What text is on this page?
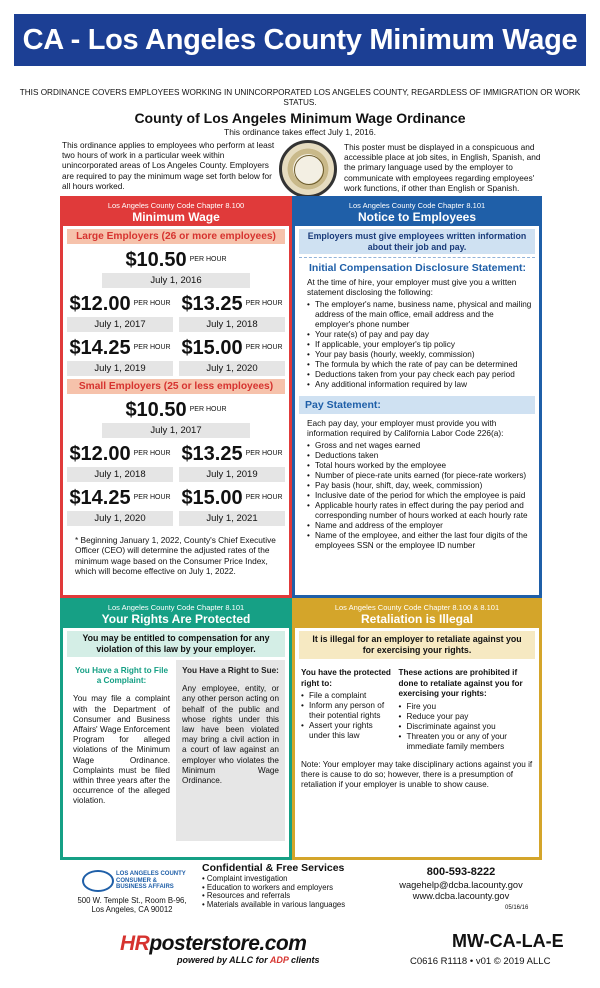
CA - Los Angeles County Minimum Wage
THIS ORDINANCE COVERS EMPLOYEES WORKING IN UNINCORPORATED LOS ANGELES COUNTY, REGARDLESS OF IMMIGRATION OR WORK STATUS.
County of Los Angeles Minimum Wage Ordinance
This ordinance takes effect July 1, 2016.
This ordinance applies to employees who perform at least two hours of work in a particular week within unincorporated areas of Los Angeles County. Employers are required to pay the minimum wage set forth below for all hours worked.
This poster must be displayed in a conspicuous and accessible place at job sites, in English, Spanish, and the primary language used by the employer to communicate with employees regarding employees' work functions, if other than English or Spanish.
Los Angeles County Code Chapter 8.100
Minimum Wage
Large Employers (26 or more employees)
$10.50 PER HOUR
July 1, 2016
$12.00 PER HOUR
July 1, 2017
$13.25 PER HOUR
July 1, 2018
$14.25 PER HOUR
July 1, 2019
$15.00 PER HOUR
July 1, 2020
Small Employers (25 or less employees)
$10.50 PER HOUR
July 1, 2017
$12.00 PER HOUR
July 1, 2018
$13.25 PER HOUR
July 1, 2019
$14.25 PER HOUR
July 1, 2020
$15.00 PER HOUR
July 1, 2021
* Beginning January 1, 2022, County's Chief Executive Officer (CEO) will determine the adjusted rates of the minimum wage based on the Consumer Price Index, which will become effective on July 1, 2022.
Los Angeles County Code Chapter 8.101
Notice to Employees
Employers must give employees written information about their job and pay.
Initial Compensation Disclosure Statement:
At the time of hire, your employer must give you a written statement disclosing the following:
• The employer's name, business name, physical and mailing address of the main office, email address and the employer's phone number
• Your rate(s) of pay and pay day
• If applicable, your employer's tip policy
• Your pay basis (hourly, weekly, commission)
• The formula by which the rate of pay can be determined
• Deductions taken from your pay check each pay period
• Any additional information required by law
Pay Statement:
Each pay day, your employer must provide you with information required by California Labor Code 226(a):
• Gross and net wages earned
• Deductions taken
• Total hours worked by the employee
• Number of piece-rate units earned (for piece-rate workers)
• Pay basis (hour, shift, day, week, commission)
• Inclusive date of the period for which the employee is paid
• Applicable hourly rates in effect during the pay period and corresponding number of hours worked at each hourly rate
• Name and address of the employer
• Name of the employee, and either the last four digits of the employees SSN or the employee ID number
Los Angeles County Code Chapter 8.101
Your Rights Are Protected
You may be entitled to compensation for any violation of this law by your employer.
You Have a Right to File a Complaint:
You may file a complaint with the Department of Consumer and Business Affairs' Wage Enforcement Program for alleged violations of the Minimum Wage Ordinance. Complaints must be filed within three years after the occurrence of the alleged violation.
You Have a Right to Sue:
Any employee, entity, or any other person acting on behalf of the public and whose rights under this law have been violated may bring a civil action in a court of law against an employer who violates the Minimum Wage Ordinance.
Los Angeles County Code Chapter 8.100 & 8.101
Retaliation is Illegal
It is illegal for an employer to retaliate against you for exercising your rights.
You have the protected right to:
• File a complaint
• Inform any person of their potential rights
• Assert your rights under this law
These actions are prohibited if done to retaliate against you for exercising your rights:
• Fire you
• Reduce your pay
• Discriminate against you
• Threaten you or any of your immediate family members
Note: Your employer may take disciplinary actions against you if there is cause to do so; however, there is a presumption of retaliation if your employer is unable to show cause.
LOS ANGELES COUNTY
CONSUMER &
BUSINESS AFFAIRS
500 W. Temple St., Room B-96,
Los Angeles, CA 90012
Confidential & Free Services
• Complaint investigation
• Education to workers and employers
• Resources and referrals
• Materials available in various languages
800-593-8222
wagehelp@dcba.lacounty.gov
www.dcba.lacounty.gov
05/16/16
HRposterstore.com
powered by ALLC for ADP clients
MW-CA-LA-E
C0616 R1118 • v01 © 2019 ALLC
